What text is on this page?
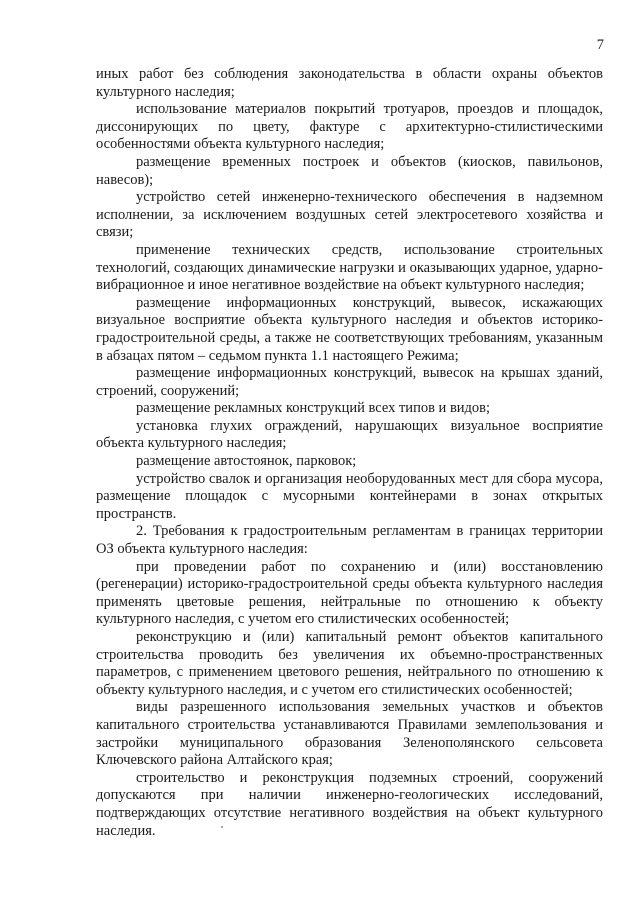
7

иных работ без соблюдения законодательства в области охраны объектов культурного наследия;

использование материалов покрытий тротуаров, проездов и площадок, диссонирующих по цвету, фактуре с архитектурно-стилистическими особенностями объекта культурного наследия;

размещение временных построек и объектов (киосков, павильонов, навесов);

устройство сетей инженерно-технического обеспечения в надземном исполнении, за исключением воздушных сетей электросетевого хозяйства и связи;

применение технических средств, использование строительных технологий, создающих динамические нагрузки и оказывающих ударное, ударно-вибрационное и иное негативное воздействие на объект культурного наследия;

размещение информационных конструкций, вывесок, искажающих визуальное восприятие объекта культурного наследия и объектов историко-градостроительной среды, а также не соответствующих требованиям, указанным в абзацах пятом – седьмом пункта 1.1 настоящего Режима;

размещение информационных конструкций, вывесок на крышах зданий, строений, сооружений;

размещение рекламных конструкций всех типов и видов;

установка глухих ограждений, нарушающих визуальное восприятие объекта культурного наследия;

размещение автостоянок, парковок;

устройство свалок и организация необорудованных мест для сбора мусора, размещение площадок с мусорными контейнерами в зонах открытых пространств.

2. Требования к градостроительным регламентам в границах территории ОЗ объекта культурного наследия:

при проведении работ по сохранению и (или) восстановлению (регенерации) историко-градостроительной среды объекта культурного наследия применять цветовые решения, нейтральные по отношению к объекту культурного наследия, с учетом его стилистических особенностей;

реконструкцию и (или) капитальный ремонт объектов капитального строительства проводить без увеличения их объемно-пространственных параметров, с применением цветового решения, нейтрального по отношению к объекту культурного наследия, и с учетом его стилистических особенностей;

виды разрешенного использования земельных участков и объектов капитального строительства устанавливаются Правилами землепользования и застройки муниципального образования Зеленополянского сельсовета Ключевского района Алтайского края;

строительство и реконструкция подземных строений, сооружений допускаются при наличии инженерно-геологических исследований, подтверждающих отсутствие негативного воздействия на объект культурного наследия.
